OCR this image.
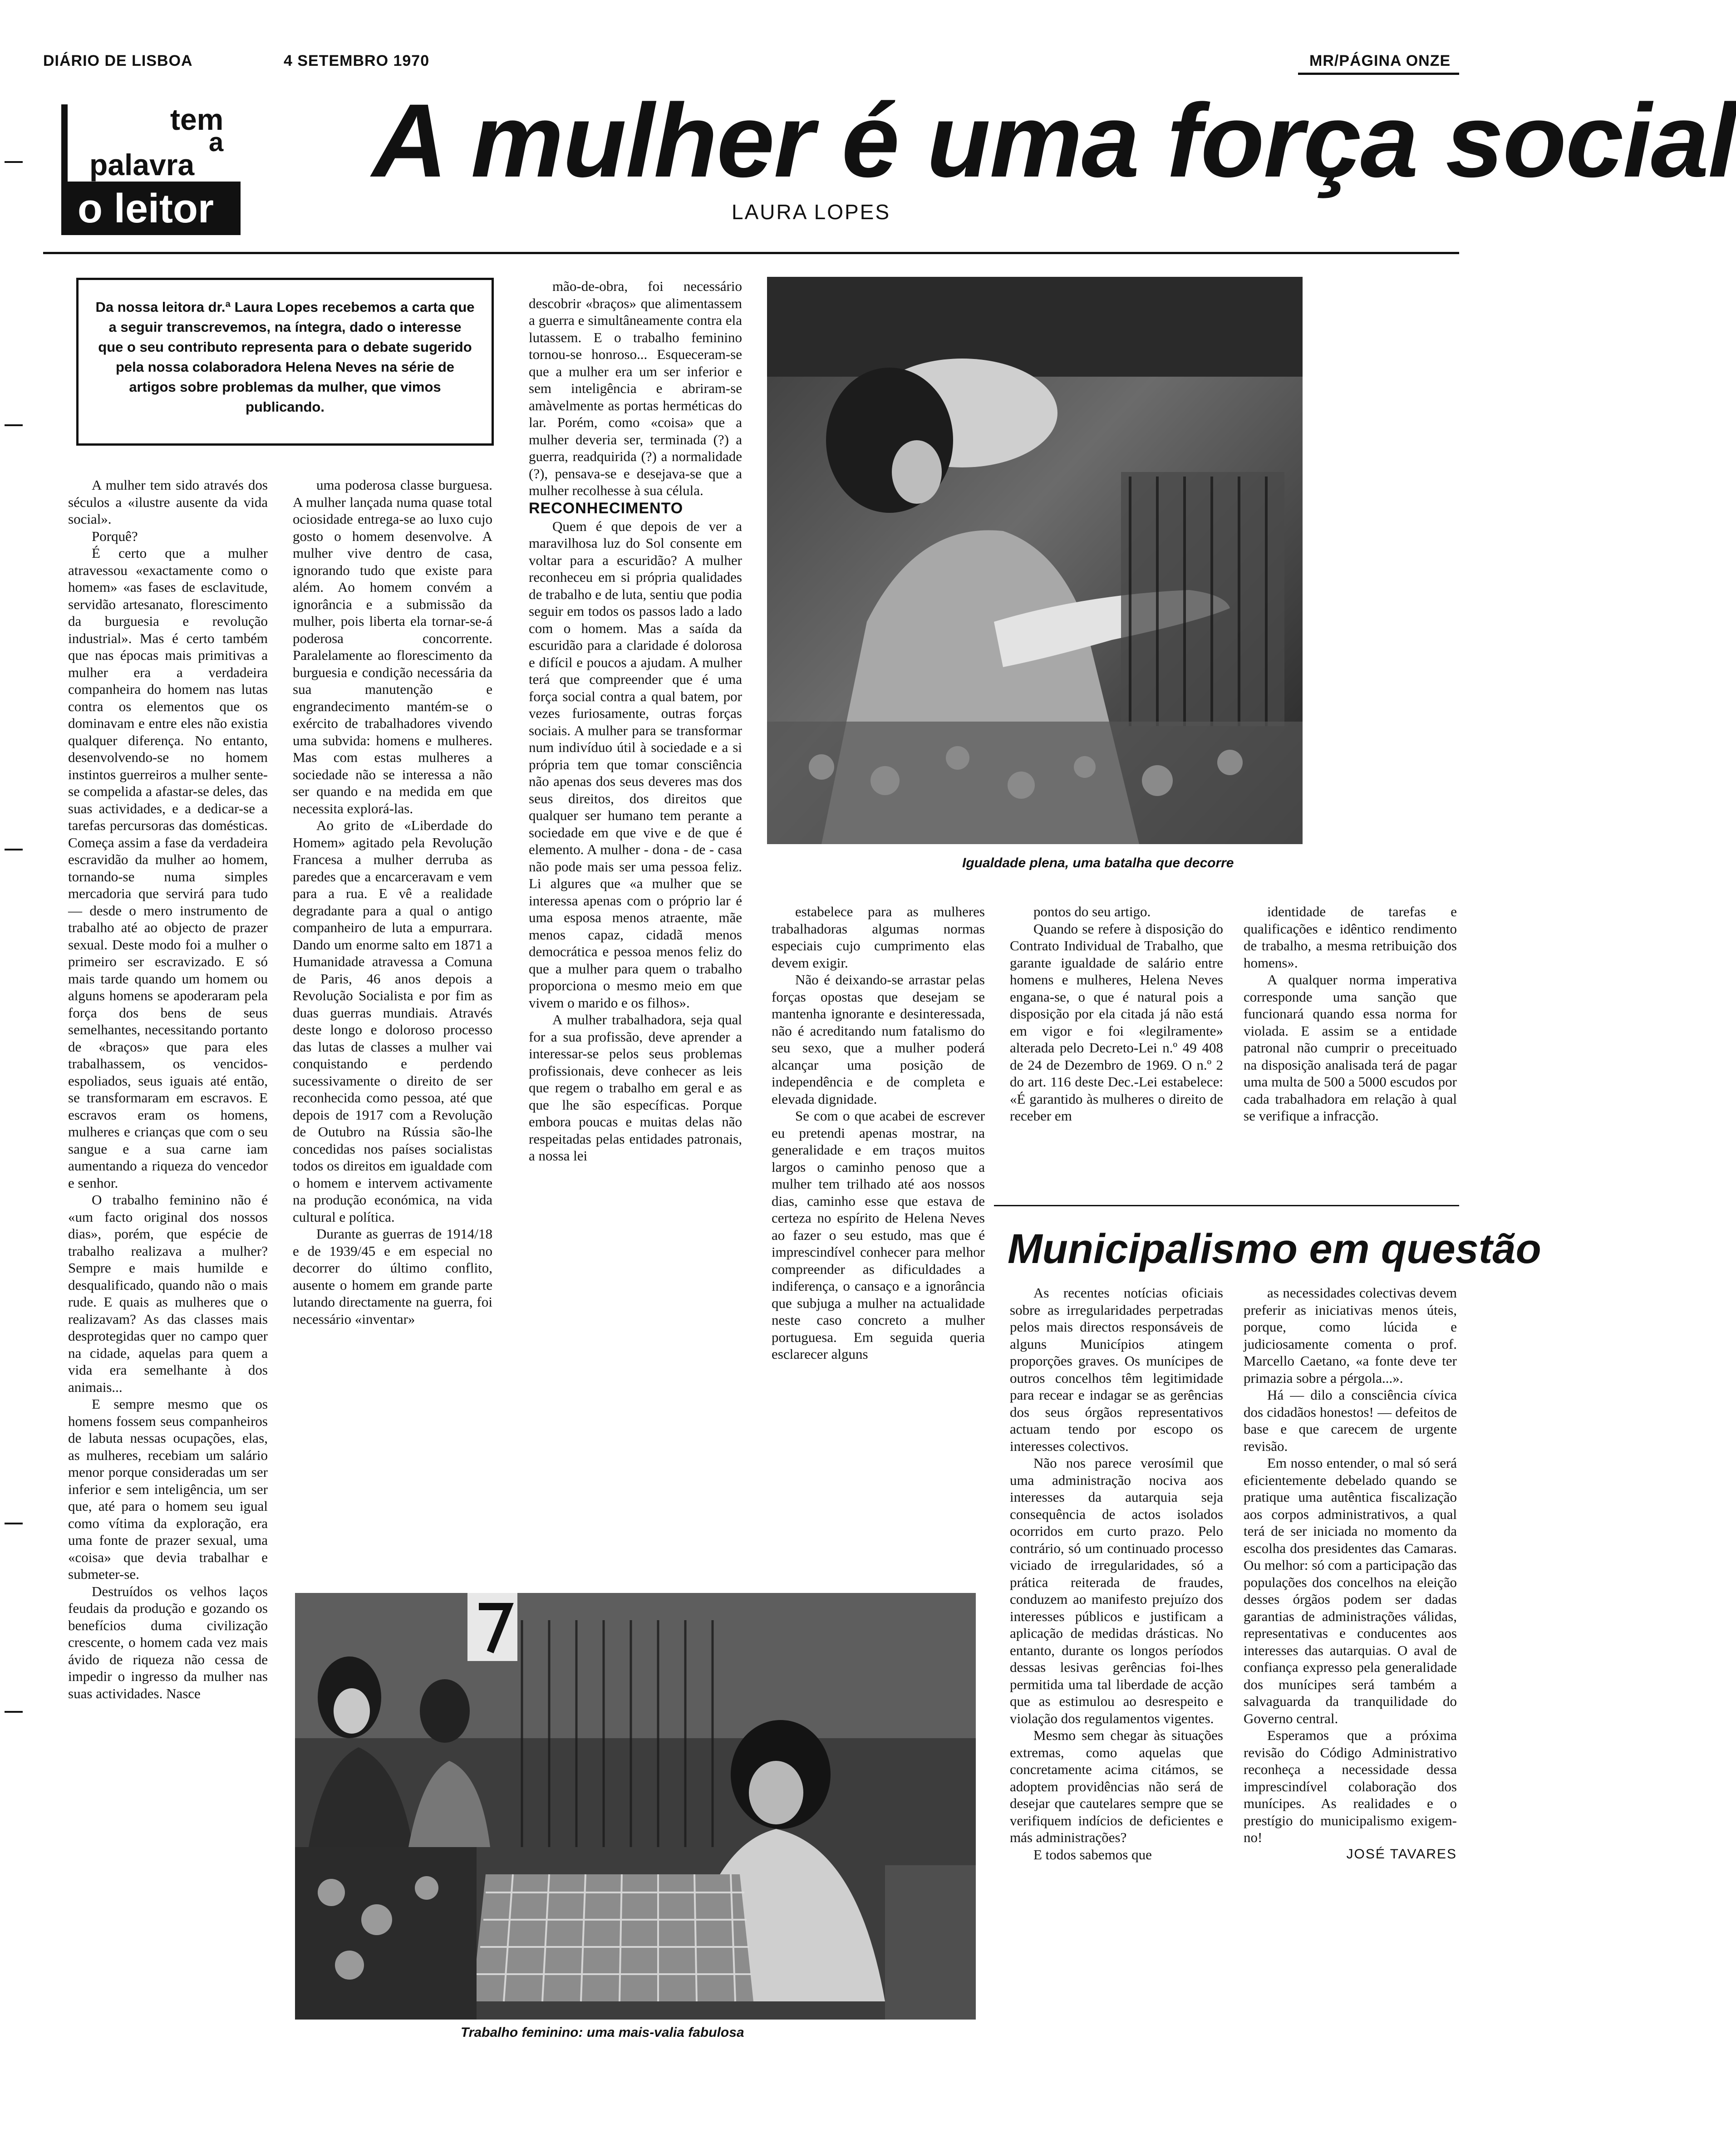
DIÁRIO DE LISBOA	4 SETEMBRO 1970	MR/PÁGINA ONZE
tem
a
palavra
o leitor
A mulher é uma força social
LAURA LOPES
Da nossa leitora dr.ª Laura Lopes recebemos a carta que a seguir transcrevemos, na íntegra, dado o interesse que o seu contributo representa para o debate sugerido pela nossa colaboradora Helena Neves na série de artigos sobre problemas da mulher, que vimos publicando.

A mulher tem sido através dos séculos a «ilustre ausente da vida social».

Porquê?

É certo que a mulher atravessou «exactamente como o homem» «as fases de esclavitude, servidão artesanato, florescimento da burguesia e revolução industrial». Mas é certo também que nas épocas mais primitivas a mulher era a verdadeira companheira do homem nas lutas contra os elementos que os dominavam e entre eles não existia qualquer diferença. No entanto, desenvolvendo-se no homem instintos guerreiros a mulher sente-se compelida a afastar-se deles, das suas actividades, e a dedicar-se a tarefas percursoras das domésticas. Começa assim a fase da verdadeira escravidão da mulher ao homem, tornando-se numa simples mercadoria que servirá para tudo — desde o mero instrumento de trabalho até ao objecto de prazer sexual. Deste modo foi a mulher o primeiro ser escravizado. E só mais tarde quando um homem ou alguns homens se apoderaram pela força dos bens de seus semelhantes, necessitando portanto de «braços» que para eles trabalhassem, os vencidos-espoliados, seus iguais até então, se transformaram em escravos. E escravos eram os homens, mulheres e crianças que com o seu sangue e a sua carne iam aumentando a riqueza do vencedor e senhor.

O trabalho feminino não é «um facto original dos nossos dias», porém, que espécie de trabalho realizava a mulher? Sempre e mais humilde e desqualificado, quando não o mais rude. E quais as mulheres que o realizavam? As das classes mais desprotegidas quer no campo quer na cidade, aquelas para quem a vida era semelhante à dos animais...

E sempre mesmo que os homens fossem seus companheiros de labuta nessas ocupações, elas, as mulheres, recebiam um salário menor porque consideradas um ser inferior e sem inteligência, um ser que, até para o homem seu igual como vítima da exploração, era uma fonte de prazer sexual, uma «coisa» que devia trabalhar e submeter-se.

Destruídos os velhos laços feudais da produção e gozando os benefícios duma civilização crescente, o homem cada vez mais ávido de riqueza não cessa de impedir o ingresso da mulher nas suas actividades. Nasce

uma poderosa classe burguesa. A mulher lançada numa quase total ociosidade entrega-se ao luxo cujo gosto o homem desenvolve. A mulher vive dentro de casa, ignorando tudo que existe para além. Ao homem convém a ignorância e a submissão da mulher, pois liberta ela tornar-se-á poderosa concorrente. Paralelamente ao florescimento da burguesia e condição necessária da sua manutenção e engrandecimento mantém-se o exército de trabalhadores vivendo uma subvida: homens e mulheres. Mas com estas mulheres a sociedade não se interessa a não ser quando e na medida em que necessita explorá-las.

Ao grito de «Liberdade do Homem» agitado pela Revolução Francesa a mulher derruba as paredes que a encarceravam e vem para a rua. E vê a realidade degradante para a qual o antigo companheiro de luta a empurrara. Dando um enorme salto em 1871 a Humanidade atravessa a Comuna de Paris, 46 anos depois a Revolução Socialista e por fim as duas guerras mundiais. Através deste longo e doloroso processo das lutas de classes a mulher vai conquistando e perdendo sucessivamente o direito de ser reconhecida como pessoa, até que depois de 1917 com a Revolução de Outubro na Rússia são-lhe concedidas nos países socialistas todos os direitos em igualdade com o homem e intervem activamente na produção económica, na vida cultural e política.

Durante as guerras de 1914/18 e de 1939/45 e em especial no decorrer do último conflito, ausente o homem em grande parte lutando directamente na guerra, foi necessário «inventar»

mão-de-obra, foi necessário descobrir «braços» que alimentassem a guerra e simultâneamente contra ela lutassem. E o trabalho feminino tornou-se honroso... Esqueceram-se que a mulher era um ser inferior e sem inteligência e abriram-se amàvelmente as portas herméticas do lar. Porém, como «coisa» que a mulher deveria ser, terminada (?) a guerra, readquirida (?) a normalidade (?), pensava-se e desejava-se que a mulher recolhesse à sua célula.

RECONHECIMENTO

Quem é que depois de ver a maravilhosa luz do Sol consente em voltar para a escuridão? A mulher reconheceu em si própria qualidades de trabalho e de luta, sentiu que podia seguir em todos os passos lado a lado com o homem. Mas a saída da escuridão para a claridade é dolorosa e difícil e poucos a ajudam. A mulher terá que compreender que é uma força social contra a qual batem, por vezes furiosamente, outras forças sociais. A mulher para se transformar num indivíduo útil à sociedade e a si própria tem que tomar consciência não apenas dos seus deveres mas dos seus direitos, dos direitos que qualquer ser humano tem perante a sociedade em que vive e de que é elemento. A mulher - dona - de - casa não pode mais ser uma pessoa feliz. Li algures que «a mulher que se interessa apenas com o próprio lar é uma esposa menos atraente, mãe menos capaz, cidadã menos democrática e pessoa menos feliz do que a mulher para quem o trabalho proporciona o mesmo meio em que vivem o marido e os filhos».

A mulher trabalhadora, seja qual for a sua profissão, deve aprender a interessar-se pelos seus problemas profissionais, deve conhecer as leis que regem o trabalho em geral e as que lhe são específicas. Porque embora poucas e muitas delas não respeitadas pelas entidades patronais, a nossa lei

Igualdade plena, uma batalha que decorre

estabelece para as mulheres trabalhadoras algumas normas especiais cujo cumprimento elas devem exigir.

Não é deixando-se arrastar pelas forças opostas que desejam se mantenha ignorante e desinteressada, não é acreditando num fatalismo do seu sexo, que a mulher poderá alcançar uma posição de independência e de completa e elevada dignidade.

Se com o que acabei de escrever eu pretendi apenas mostrar, na generalidade e em traços muitos largos o caminho penoso que a mulher tem trilhado até aos nossos dias, caminho esse que estava de certeza no espírito de Helena Neves ao fazer o seu estudo, mas que é imprescindível conhecer para melhor compreender as dificuldades a indiferença, o cansaço e a ignorância que subjuga a mulher na actualidade neste caso concreto a mulher portuguesa. Em seguida queria esclarecer alguns

pontos do seu artigo.

Quando se refere à disposição do Contrato Individual de Trabalho, que garante igualdade de salário entre homens e mulheres, Helena Neves engana-se, o que é natural pois a disposição por ela citada já não está em vigor e foi «legilramente» alterada pelo Decreto-Lei n.º 49 408 de 24 de Dezembro de 1969. O n.º 2 do art. 116 deste Dec.-Lei estabelece: «É garantido às mulheres o direito de receber em

identidade de tarefas e qualificações e idêntico rendimento de trabalho, a mesma retribuição dos homens».

A qualquer norma imperativa corresponde uma sanção que funcionará quando essa norma for violada. E assim se a entidade patronal não cumprir o preceituado na disposição analisada terá de pagar uma multa de 500 a 5000 escudos por cada trabalhadora em relação à qual se verifique a infracção.

Trabalho feminino: uma mais-valia fabulosa
Municipalismo em questão

As recentes notícias oficiais sobre as irregularidades perpetradas pelos mais directos responsáveis de alguns Municípios atingem proporções graves. Os munícipes de outros concelhos têm legitimidade para recear e indagar se as gerências dos seus órgãos representativos actuam tendo por escopo os interesses colectivos.

Não nos parece verosímil que uma administração nociva aos interesses da autarquia seja consequência de actos isolados ocorridos em curto prazo. Pelo contrário, só um continuado processo viciado de irregularidades, só a prática reiterada de fraudes, conduzem ao manifesto prejuízo dos interesses públicos e justificam a aplicação de medidas drásticas. No entanto, durante os longos períodos dessas lesivas gerências foi-lhes permitida uma tal liberdade de acção que as estimulou ao desrespeito e violação dos regulamentos vigentes.

Mesmo sem chegar às situações extremas, como aquelas que concretamente acima citámos, se adoptem providências não será de desejar que cautelares sempre que se verifiquem indícios de deficientes e más administrações?

E todos sabemos que

as necessidades colectivas devem preferir as iniciativas menos úteis, porque, como lúcida e judiciosamente comenta o prof. Marcello Caetano, «a fonte deve ter primazia sobre a pérgola...».

Há — dilo a consciência cívica dos cidadãos honestos! — defeitos de base e que carecem de urgente revisão.

Em nosso entender, o mal só será eficientemente debelado quando se pratique uma autêntica fiscalização aos corpos administrativos, a qual terá de ser iniciada no momento da escolha dos presidentes das Camaras. Ou melhor: só com a participação das populações dos concelhos na eleição desses órgãos podem ser dadas garantias de administrações válidas, representativas e conducentes aos interesses das autarquias. O aval de confiança expresso pela generalidade dos munícipes será também a salvaguarda da tranquilidade do Governo central.

Esperamos que a próxima revisão do Código Administrativo reconheça a necessidade dessa imprescindível colaboração dos munícipes. As realidades e o prestígio do municipalismo exigem-no!

JOSÉ TAVARES
